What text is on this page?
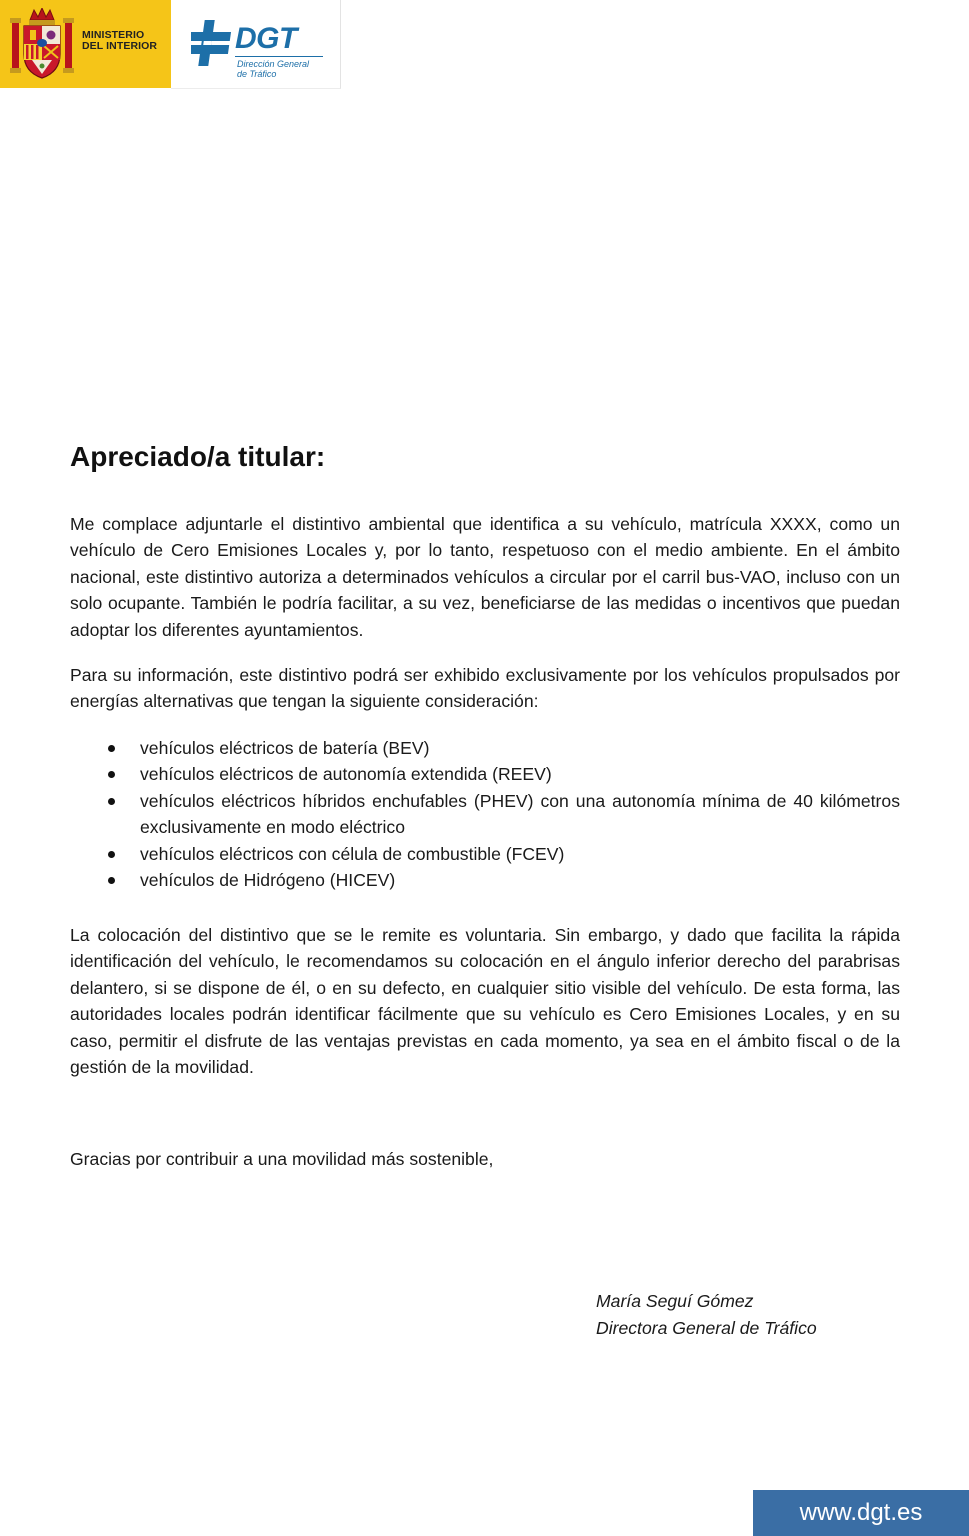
MINISTERIO
DEL INTERIOR	DGT
Dirección General
de Tráfico
Apreciado/a titular:

Me complace adjuntarle el distintivo ambiental que identifica a su vehículo, matrícula XXXX, como un vehículo de Cero Emisiones Locales y, por lo tanto, respetuoso con el medio ambiente. En el ámbito nacional, este distintivo autoriza a determinados vehículos a circular por el carril bus-VAO, incluso con un solo ocupante. También le podría facilitar, a su vez, beneficiarse de las medidas o incentivos que puedan adoptar los diferentes ayuntamientos.

Para su información, este distintivo podrá ser exhibido exclusivamente por los vehículos propulsados por energías alternativas que tengan la siguiente consideración:

vehículos eléctricos de batería (BEV)
vehículos eléctricos de autonomía extendida (REEV)
vehículos eléctricos híbridos enchufables (PHEV) con una autonomía mínima de 40 kilómetros exclusivamente en modo eléctrico
vehículos eléctricos con célula de combustible (FCEV)
vehículos de Hidrógeno (HICEV)

La colocación del distintivo que se le remite es voluntaria. Sin embargo, y dado que facilita la rápida identificación del vehículo, le recomendamos su colocación en el ángulo inferior derecho del parabrisas delantero, si se dispone de él, o en su defecto, en cualquier sitio visible del vehículo. De esta forma, las autoridades locales podrán identificar fácilmente que su vehículo es Cero Emisiones Locales, y en su caso, permitir el disfrute de las ventajas previstas en cada momento, ya sea en el ámbito fiscal o de la gestión de la movilidad.

Gracias por contribuir a una movilidad más sostenible,

María Seguí Gómez
Directora General de Tráfico
www.dgt.es
